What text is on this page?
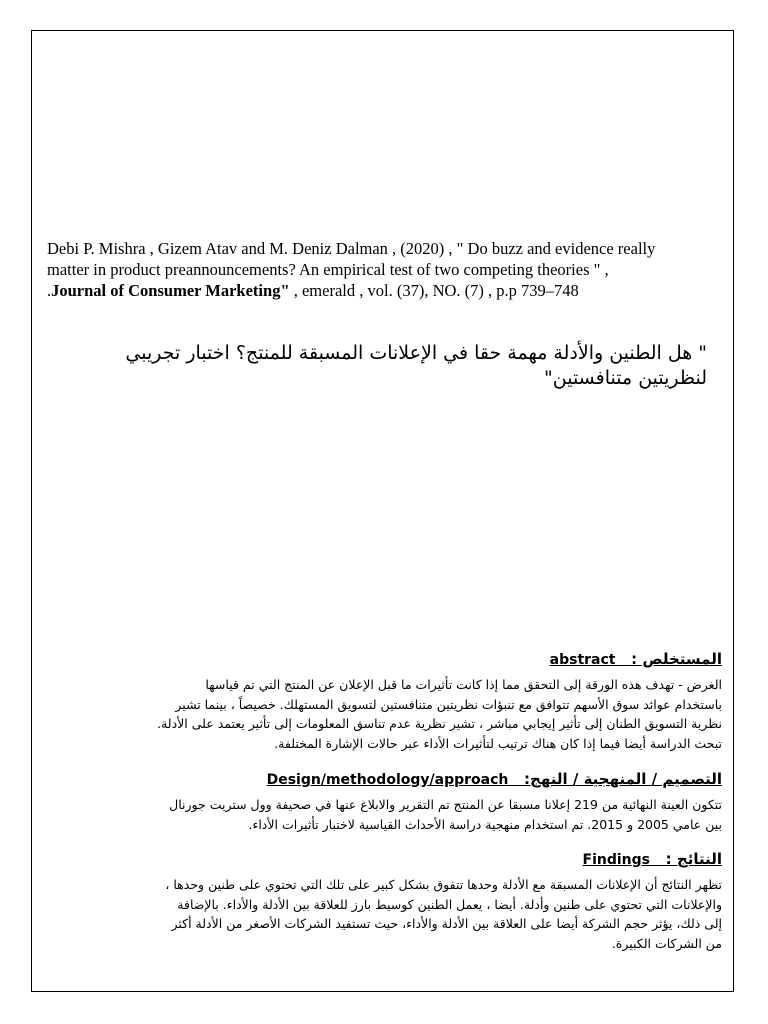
Debi P. Mishra , Gizem Atav and M. Deniz Dalman , (2020) , " Do buzz and evidence really
matter in product preannouncements? An empirical test of two competing theories " ,
.Journal of Consumer Marketing" , emerald , vol. (37), NO. (7) , p.p 739–748
" هل الطنين والأدلة مهمة حقا في الإعلانات المسبقة للمنتج؟ اختبار تجريبي لنظريتين متنافستين"
المستخلص :   abstract
الغرض - تهدف هذه الورقة إلى التحقق مما إذا كانت تأثيرات ما قبل الإعلان عن المنتج التي تم قياسها
باستخدام عوائد سوق الأسهم تتوافق مع تنبؤات نظريتين متنافستين لتسويق المستهلك. خصيصاً ، بينما تشير
نظرية التسويق الطنان إلى تأثير إيجابي مباشر ، تشير نظرية عدم تناسق المعلومات إلى تأثير يعتمد على الأدلة.
تبحث الدراسة أيضا فيما إذا كان هناك ترتيب لتأثيرات الأداء عبر حالات الإشارة المختلفة.
التصميم / المنهجية / النهج:   Design/methodology/approach
تتكون العينة النهائية من 219 إعلانا مسبقا عن المنتج تم التقرير والابلاغ عنها في صحيفة وول ستريت جورنال
بين عامي 2005 و 2015. تم استخدام منهجية دراسة الأحداث القياسية لاختبار تأثيرات الأداء.
النتائج :   Findings
تظهر النتائج أن الإعلانات المسبقة مع الأدلة وحدها تتفوق بشكل كبير على تلك التي تحتوي على طنين وحدها ،
والإعلانات التي تحتوي على طنين وأدلة. أيضا ، يعمل الطنين كوسيط بارز للعلاقة بين الأدلة والأداء. بالإضافة
إلى ذلك، يؤثر حجم الشركة أيضا على العلاقة بين الأدلة والأداء، حيث تستفيد الشركات الأصغر من الأدلة أكثر
من الشركات الكبيرة.
